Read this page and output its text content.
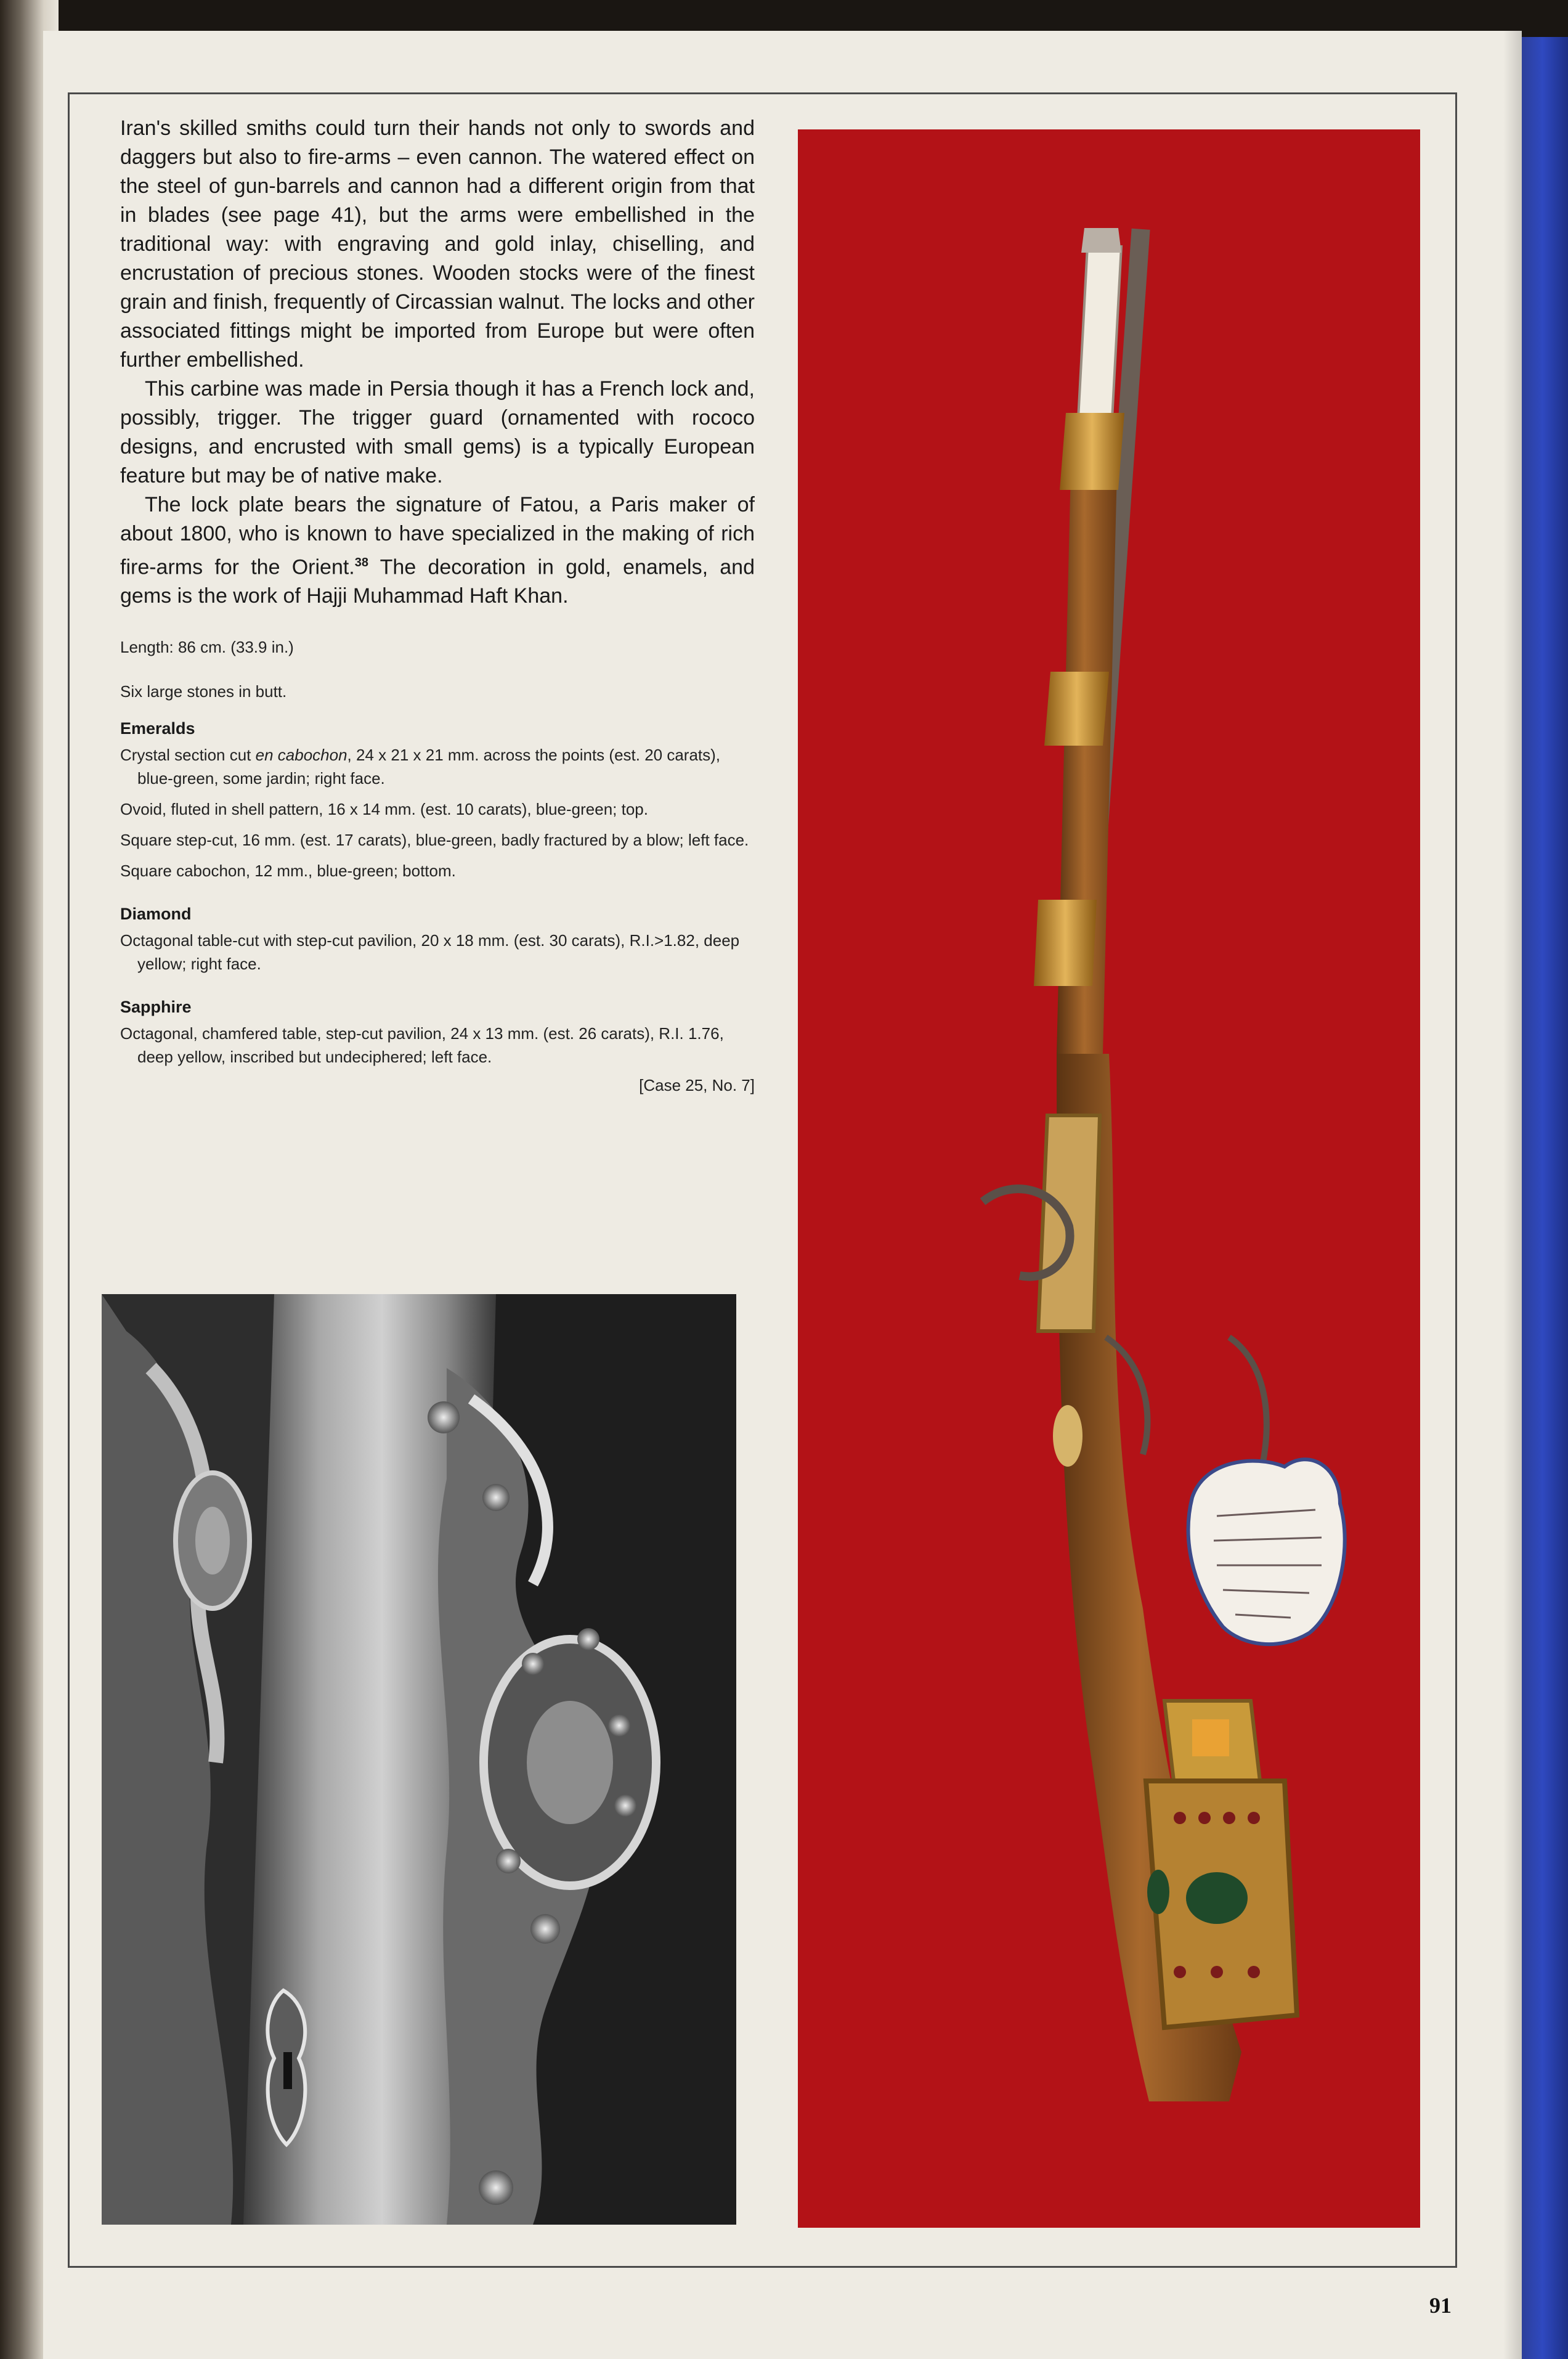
Iran's skilled smiths could turn their hands not only to swords and daggers but also to fire-arms – even cannon. The watered effect on the steel of gun-barrels and cannon had a different origin from that in blades (see page 41), but the arms were embellished in the traditional way: with engraving and gold inlay, chiselling, and encrustation of precious stones. Wooden stocks were of the finest grain and finish, frequently of Circassian walnut. The locks and other associated fittings might be imported from Europe but were often further embellished.

This carbine was made in Persia though it has a French lock and, possibly, trigger. The trigger guard (ornamented with rococo designs, and encrusted with small gems) is a typically European feature but may be of native make.

The lock plate bears the signature of Fatou, a Paris maker of about 1800, who is known to have specialized in the making of rich fire-arms for the Orient.$^{38}$ The decoration in gold, enamels, and gems is the work of Hajji Muhammad Haft Khan.

Length: 86 cm. (33.9 in.)

Six large stones in butt.

Emeralds

Crystal section cut en cabochon, 24 x 21 x 21 mm. across the points (est. 20 carats), blue-green, some jardin; right face.

Ovoid, fluted in shell pattern, 16 x 14 mm. (est. 10 carats), blue-green; top.

Square step-cut, 16 mm. (est. 17 carats), blue-green, badly fractured by a blow; left face.

Square cabochon, 12 mm., blue-green; bottom.

Diamond

Octagonal table-cut with step-cut pavilion, 20 x 18 mm. (est. 30 carats), R.I.>1.82, deep yellow; right face.

Sapphire

Octagonal, chamfered table, step-cut pavilion, 24 x 13 mm. (est. 26 carats), R.I. 1.76, deep yellow, inscribed but undeciphered; left face.

[Case 25, No. 7]

91
